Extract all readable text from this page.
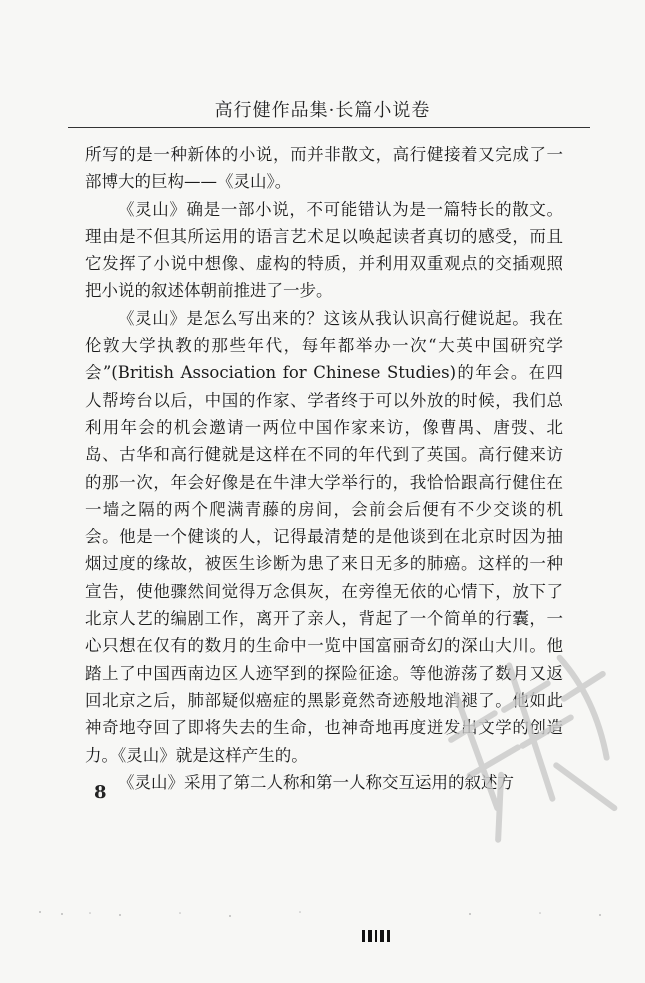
高行健作品集·长篇小说卷

所写的是一种新体的小说，而并非散文，高行健接着又完成了一部博大的巨构——《灵山》。

《灵山》确是一部小说，不可能错认为是一篇特长的散文。理由是不但其所运用的语言艺术足以唤起读者真切的感受，而且它发挥了小说中想像、虚构的特质，并利用双重观点的交插观照把小说的叙述体朝前推进了一步。

《灵山》是怎么写出来的？这该从我认识高行健说起。我在伦敦大学执教的那些年代，每年都举办一次“大英中国研究学会”(British Association for Chinese Studies)的年会。在四人帮垮台以后，中国的作家、学者终于可以外放的时候，我们总利用年会的机会邀请一两位中国作家来访，像曹禺、唐弢、北岛、古华和高行健就是这样在不同的年代到了英国。高行健来访的那一次，年会好像是在牛津大学举行的，我恰恰跟高行健住在一墙之隔的两个爬满青藤的房间，会前会后便有不少交谈的机会。他是一个健谈的人，记得最清楚的是他谈到在北京时因为抽烟过度的缘故，被医生诊断为患了来日无多的肺癌。这样的一种宣告，使他骤然间觉得万念俱灰，在旁徨无依的心情下，放下了北京人艺的编剧工作，离开了亲人，背起了一个简单的行囊，一心只想在仅有的数月的生命中一览中国富丽奇幻的深山大川。他踏上了中国西南边区人迹罕到的探险征途。等他游荡了数月又返回北京之后，肺部疑似癌症的黑影竟然奇迹般地消褪了。他如此神奇地夺回了即将失去的生命，也神奇地再度迸发出文学的创造力。《灵山》就是这样产生的。

《灵山》采用了第二人称和第一人称交互运用的叙述方

8
